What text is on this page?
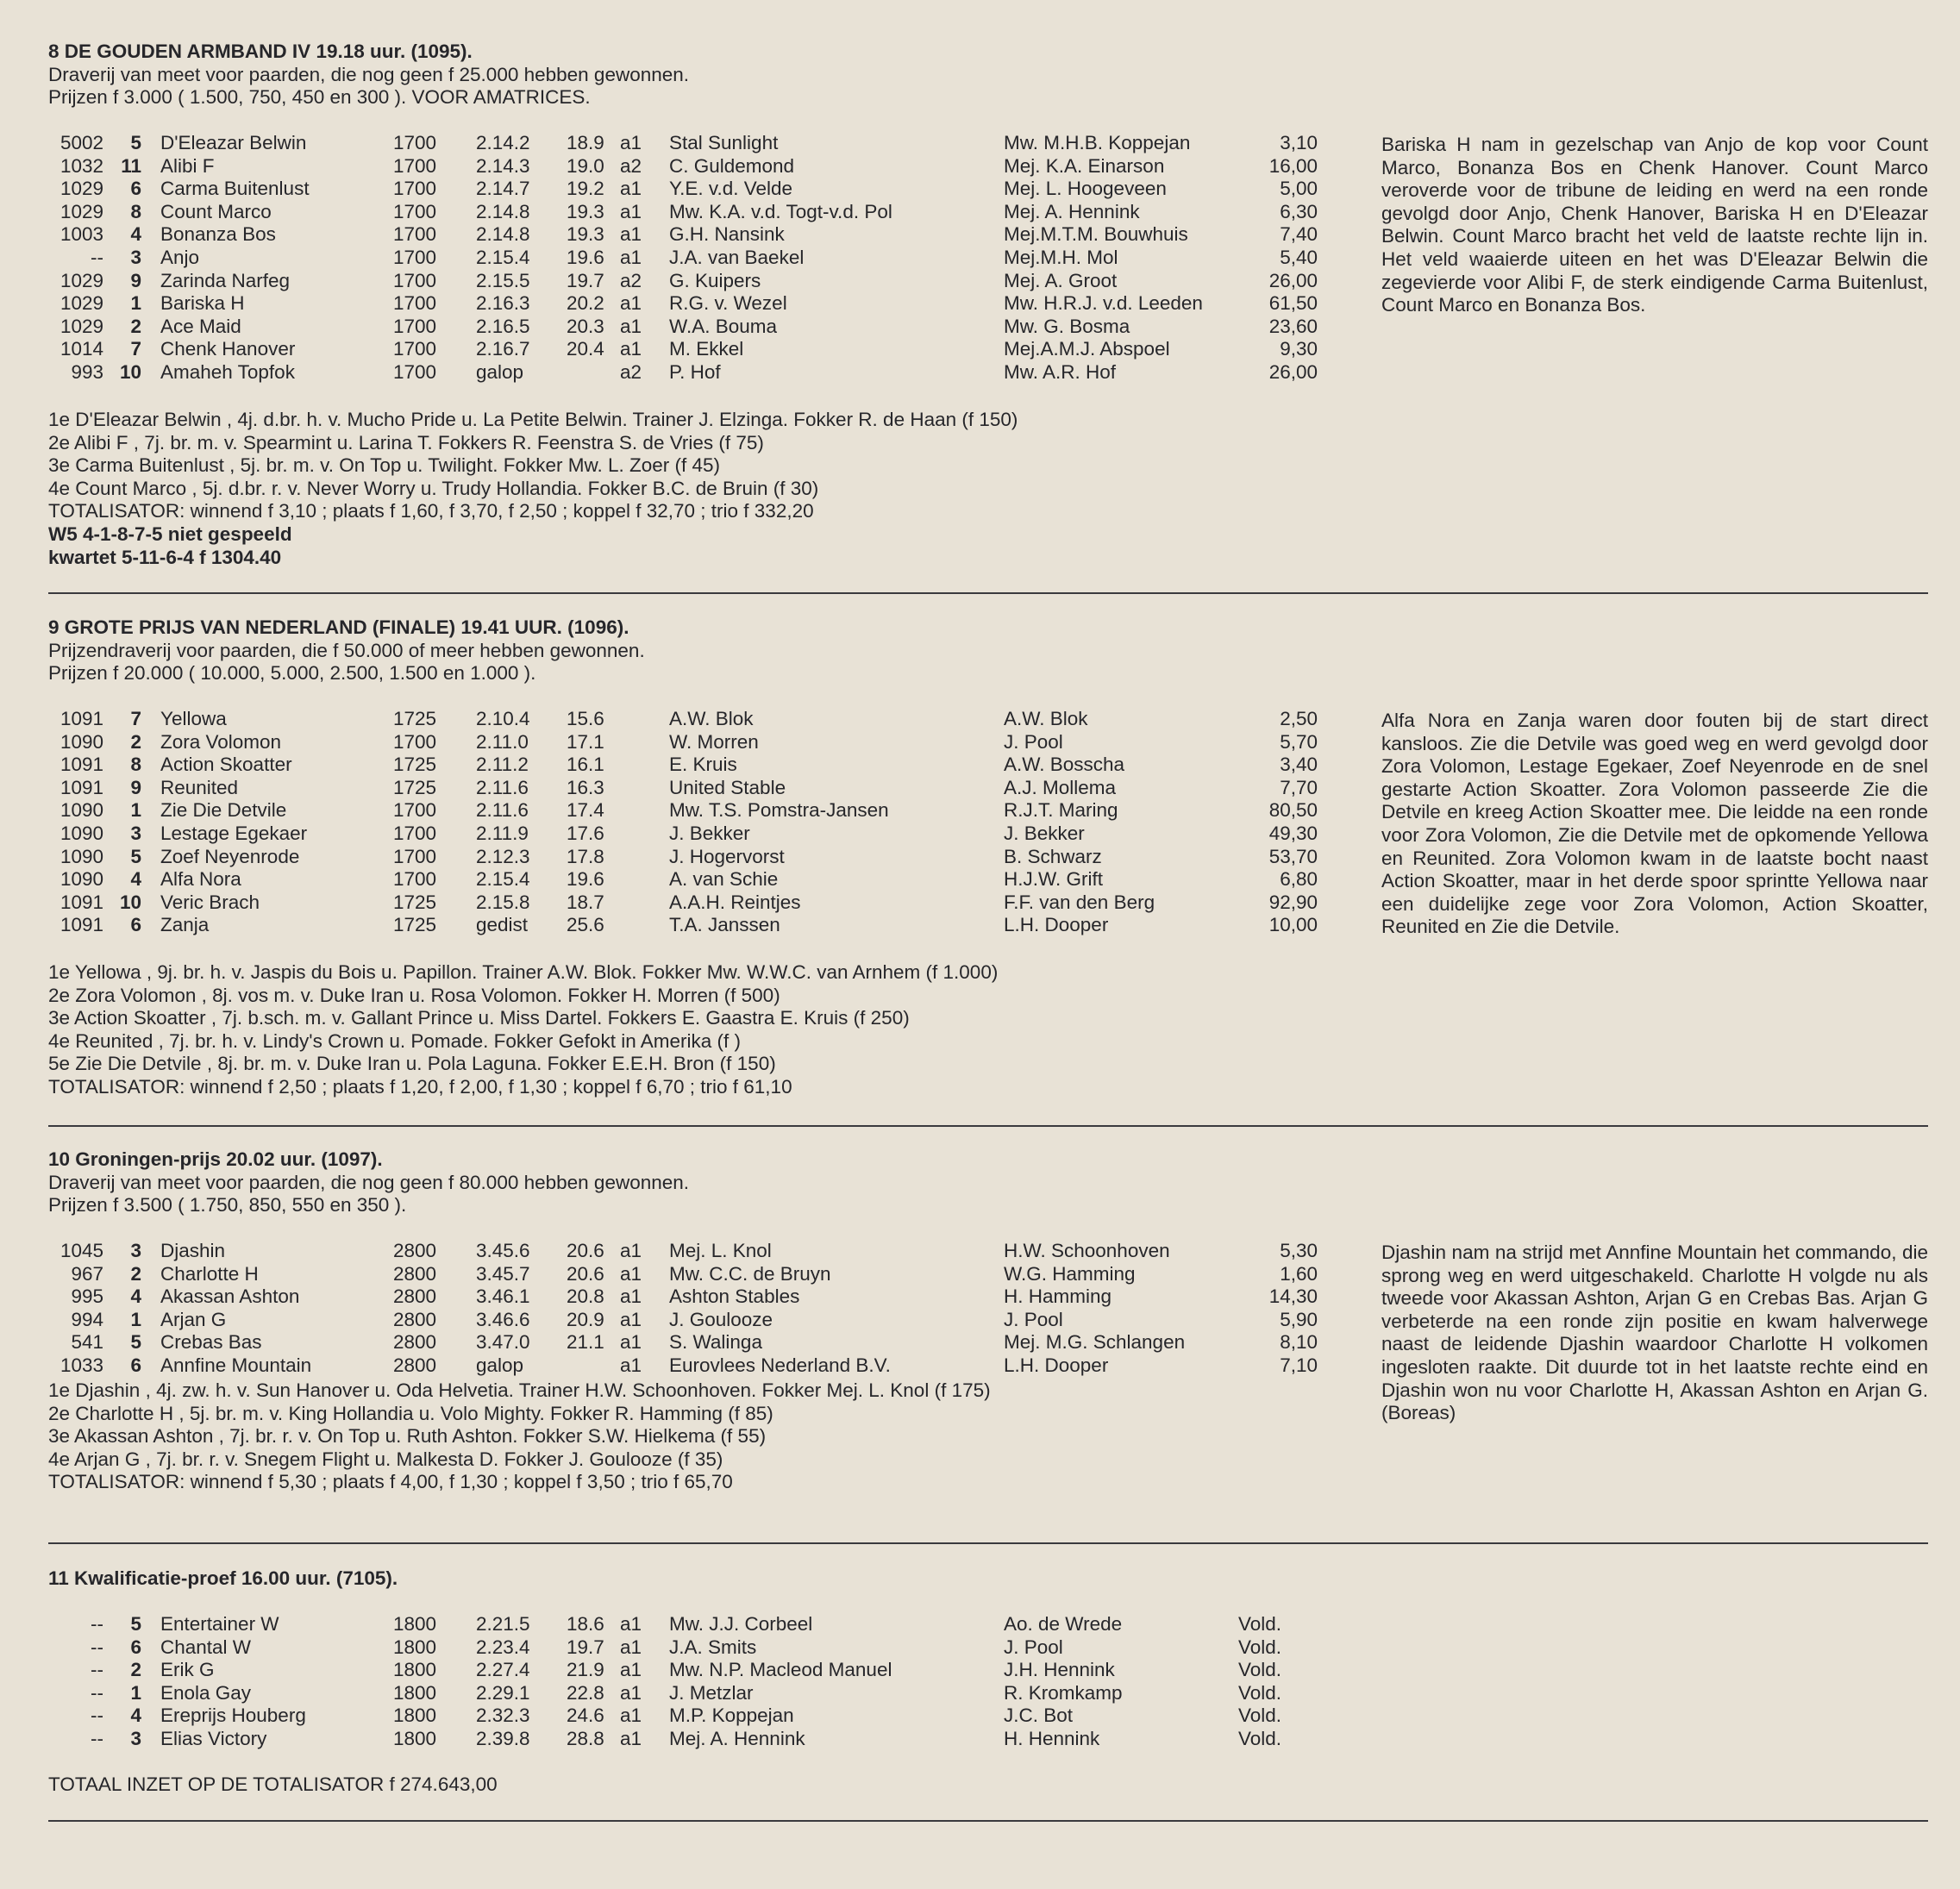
8 DE GOUDEN ARMBAND IV 19.18 uur. (1095).
Draverij van meet voor paarden, die nog geen f 25.000 hebben gewonnen.
Prijzen f 3.000 ( 1.500, 750, 450 en 300 ). VOOR AMATRICES.
5002	5 D'Eleazar Belwin	1700 2.14.2 18.9 a1 Stal Sunlight	Mw. M.H.B. Koppejan	3,10
1032 11 Alibi F	1700 2.14.3 19.0 a2 C. Guldemond	Mej. K.A. Einarson	16,00
1029	6 Carma Buitenlust	1700 2.14.7 19.2 a1 Y.E. v.d. Velde	Mej. L. Hoogeveen	5,00
1029	8 Count Marco	1700 2.14.8 19.3 a1 Mw. K.A. v.d. Togt-v.d. Pol	Mej. A. Hennink	6,30
1003	4 Bonanza Bos	1700 2.14.8 19.3 a1 G.H. Nansink	Mej.M.T.M. Bouwhuis	7,40
--	3 Anjo	1700 2.15.4 19.6 a1 J.A. van Baekel	Mej.M.H. Mol	5,40
1029	9 Zarinda Narfeg	1700 2.15.5 19.7 a2 G. Kuipers	Mej. A. Groot	26,00
1029	1 Bariska H	1700 2.16.3 20.2 a1 R.G. v. Wezel	Mw. H.R.J. v.d. Leeden	61,50
1029	2 Ace Maid	1700 2.16.5 20.3 a1 W.A. Bouma	Mw. G. Bosma	23,60
1014	7 Chenk Hanover	1700 2.16.7 20.4 a1 M. Ekkel	Mej.A.M.J. Abspoel	9,30
993 10 Amaheh Topfok	1700 galop	a2 P. Hof	Mw. A.R. Hof	26,00
Bariska H nam in gezelschap van Anjo de kop voor Count Marco, Bonanza Bos en Chenk Hanover. Count Marco veroverde voor de tribune de leiding en werd na een ronde gevolgd door Anjo, Chenk Hanover, Bariska H en D'Eleazar Belwin. Count Marco bracht het veld de laatste rechte lijn in. Het veld waaierde uiteen en het was D'Eleazar Belwin die zegevierde voor Alibi F, de sterk eindigende Carma Buitenlust, Count Marco en Bonanza Bos.
1e D'Eleazar Belwin , 4j. d.br. h. v. Mucho Pride u. La Petite Belwin. Trainer J. Elzinga. Fokker R. de Haan (f 150)
2e Alibi F , 7j. br. m. v. Spearmint u. Larina T. Fokkers R. Feenstra S. de Vries (f 75)
3e Carma Buitenlust , 5j. br. m. v. On Top u. Twilight. Fokker Mw. L. Zoer (f 45)
4e Count Marco , 5j. d.br. r. v. Never Worry u. Trudy Hollandia. Fokker B.C. de Bruin (f 30)
TOTALISATOR: winnend f 3,10 ; plaats f 1,60, f 3,70, f 2,50 ; koppel f 32,70 ; trio f 332,20
W5 4-1-8-7-5 niet gespeeld
kwartet 5-11-6-4 f 1304.40
9 GROTE PRIJS VAN NEDERLAND (FINALE) 19.41 UUR. (1096).
Prijzendraverij voor paarden, die f 50.000 of meer hebben gewonnen.
Prijzen f 20.000 ( 10.000, 5.000, 2.500, 1.500 en 1.000 ).
1091	7 Yellowa	1725 2.10.4 15.6	A.W. Blok	A.W. Blok	2,50
1090	2 Zora Volomon	1700 2.11.0 17.1	W. Morren	J. Pool	5,70
1091	8 Action Skoatter	1725 2.11.2 16.1	E. Kruis	A.W. Bosscha	3,40
1091	9 Reunited	1725 2.11.6 16.3	United Stable	A.J. Mollema	7,70
1090	1 Zie Die Detvile	1700 2.11.6 17.4	Mw. T.S. Pomstra-Jansen	R.J.T. Maring	80,50
1090	3 Lestage Egekaer	1700 2.11.9 17.6	J. Bekker	J. Bekker	49,30
1090	5 Zoef Neyenrode	1700 2.12.3 17.8	J. Hogervorst	B. Schwarz	53,70
1090	4 Alfa Nora	1700 2.15.4 19.6	A. van Schie	H.J.W. Grift	6,80
1091 10 Veric Brach	1725 2.15.8 18.7	A.A.H. Reintjes	F.F. van den Berg	92,90
1091	6 Zanja	1725 gedist 25.6	T.A. Janssen	L.H. Dooper	10,00
Alfa Nora en Zanja waren door fouten bij de start direct kansloos. Zie die Detvile was goed weg en werd gevolgd door Zora Volomon, Lestage Egekaer, Zoef Neyenrode en de snel gestarte Action Skoatter. Zora Volomon passeerde Zie die Detvile en kreeg Action Skoatter mee. Die leidde na een ronde voor Zora Volomon, Zie die Detvile met de opkomende Yellowa en Reunited. Zora Volomon kwam in de laatste bocht naast Action Skoatter, maar in het derde spoor sprintte Yellowa naar een duidelijke zege voor Zora Volomon, Action Skoatter, Reunited en Zie die Detvile.
1e Yellowa , 9j. br. h. v. Jaspis du Bois u. Papillon. Trainer A.W. Blok. Fokker Mw. W.W.C. van Arnhem (f 1.000)
2e Zora Volomon , 8j. vos m. v. Duke Iran u. Rosa Volomon. Fokker H. Morren (f 500)
3e Action Skoatter , 7j. b.sch. m. v. Gallant Prince u. Miss Dartel. Fokkers E. Gaastra E. Kruis (f 250)
4e Reunited , 7j. br. h. v. Lindy's Crown u. Pomade. Fokker Gefokt in Amerika (f )
5e Zie Die Detvile , 8j. br. m. v. Duke Iran u. Pola Laguna. Fokker E.E.H. Bron (f 150)
TOTALISATOR: winnend f 2,50 ; plaats f 1,20, f 2,00, f 1,30 ; koppel f 6,70 ; trio f 61,10
10 Groningen-prijs 20.02 uur. (1097).
Draverij van meet voor paarden, die nog geen f 80.000 hebben gewonnen.
Prijzen f 3.500 ( 1.750, 850, 550 en 350 ).
1045	3 Djashin	2800 3.45.6 20.6 a1 Mej. L. Knol	H.W. Schoonhoven	5,30
967	2 Charlotte H	2800 3.45.7 20.6 a1 Mw. C.C. de Bruyn	W.G. Hamming	1,60
995	4 Akassan Ashton	2800 3.46.1 20.8 a1 Ashton Stables	H. Hamming	14,30
994	1 Arjan G	2800 3.46.6 20.9 a1 J. Goulooze	J. Pool	5,90
541	5 Crebas Bas	2800 3.47.0 21.1 a1 S. Walinga	Mej. M.G. Schlangen	8,10
1033	6 Annfine Mountain	2800 galop	a1 Eurovlees Nederland B.V.	L.H. Dooper	7,10
Djashin nam na strijd met Annfine Mountain het commando, die sprong weg en werd uitgeschakeld. Charlotte H volgde nu als tweede voor Akassan Ashton, Arjan G en Crebas Bas. Arjan G verbeterde na een ronde zijn positie en kwam halverwege naast de leidende Djashin waardoor Charlotte H volkomen ingesloten raakte. Dit duurde tot in het laatste rechte eind en Djashin won nu voor Charlotte H, Akassan Ashton en Arjan G. (Boreas)
1e Djashin , 4j. zw. h. v. Sun Hanover u. Oda Helvetia. Trainer H.W. Schoonhoven. Fokker Mej. L. Knol (f 175)
2e Charlotte H , 5j. br. m. v. King Hollandia u. Volo Mighty. Fokker R. Hamming (f 85)
3e Akassan Ashton , 7j. br. r. v. On Top u. Ruth Ashton. Fokker S.W. Hielkema (f 55)
4e Arjan G , 7j. br. r. v. Snegem Flight u. Malkesta D. Fokker J. Goulooze (f 35)
TOTALISATOR: winnend f 5,30 ; plaats f 4,00, f 1,30 ; koppel f 3,50 ; trio f 65,70
11 Kwalificatie-proef 16.00 uur. (7105).
--	5 Entertainer W	1800 2.21.5 18.6 a1 Mw. J.J. Corbeel	Ao. de Wrede	Vold.
--	6 Chantal W	1800 2.23.4 19.7 a1 J.A. Smits	J. Pool	Vold.
--	2 Erik G	1800 2.27.4 21.9 a1 Mw. N.P. Macleod Manuel	J.H. Hennink	Vold.
--	1 Enola Gay	1800 2.29.1 22.8 a1 J. Metzlar	R. Kromkamp	Vold.
--	4 Ereprijs Houberg	1800 2.32.3 24.6 a1 M.P. Koppejan	J.C. Bot	Vold.
--	3 Elias Victory	1800 2.39.8 28.8 a1 Mej. A. Hennink	H. Hennink	Vold.
TOTAAL INZET OP DE TOTALISATOR f 274.643,00
